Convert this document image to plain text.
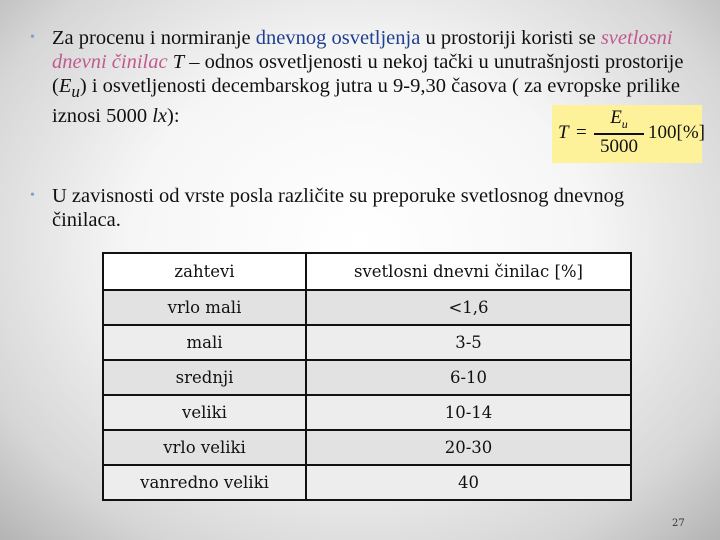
• Za procenu i normiranje dnevnog osvetljenja u prostoriji koristi se svetlosni dnevni činilac T – odnos osvetljenosti u nekoj tački u unutrašnjosti prostorije $(E_u)$ i osvetljenosti decembarskog jutra u 9-9,30 časova ( za evropske prilike iznosi 5000 lx):
T =
$E_u$
5000
100[%]
• U zavisnosti od vrste posla različite su preporuke svetlosnog dnevnog činilaca.
zahtevi	svetlosni dnevni činilac [%]
vrlo mali	<1,6
mali	3-5
srednji	6-10
veliki	10-14
vrlo veliki	20-30
vanredno veliki	40
27
